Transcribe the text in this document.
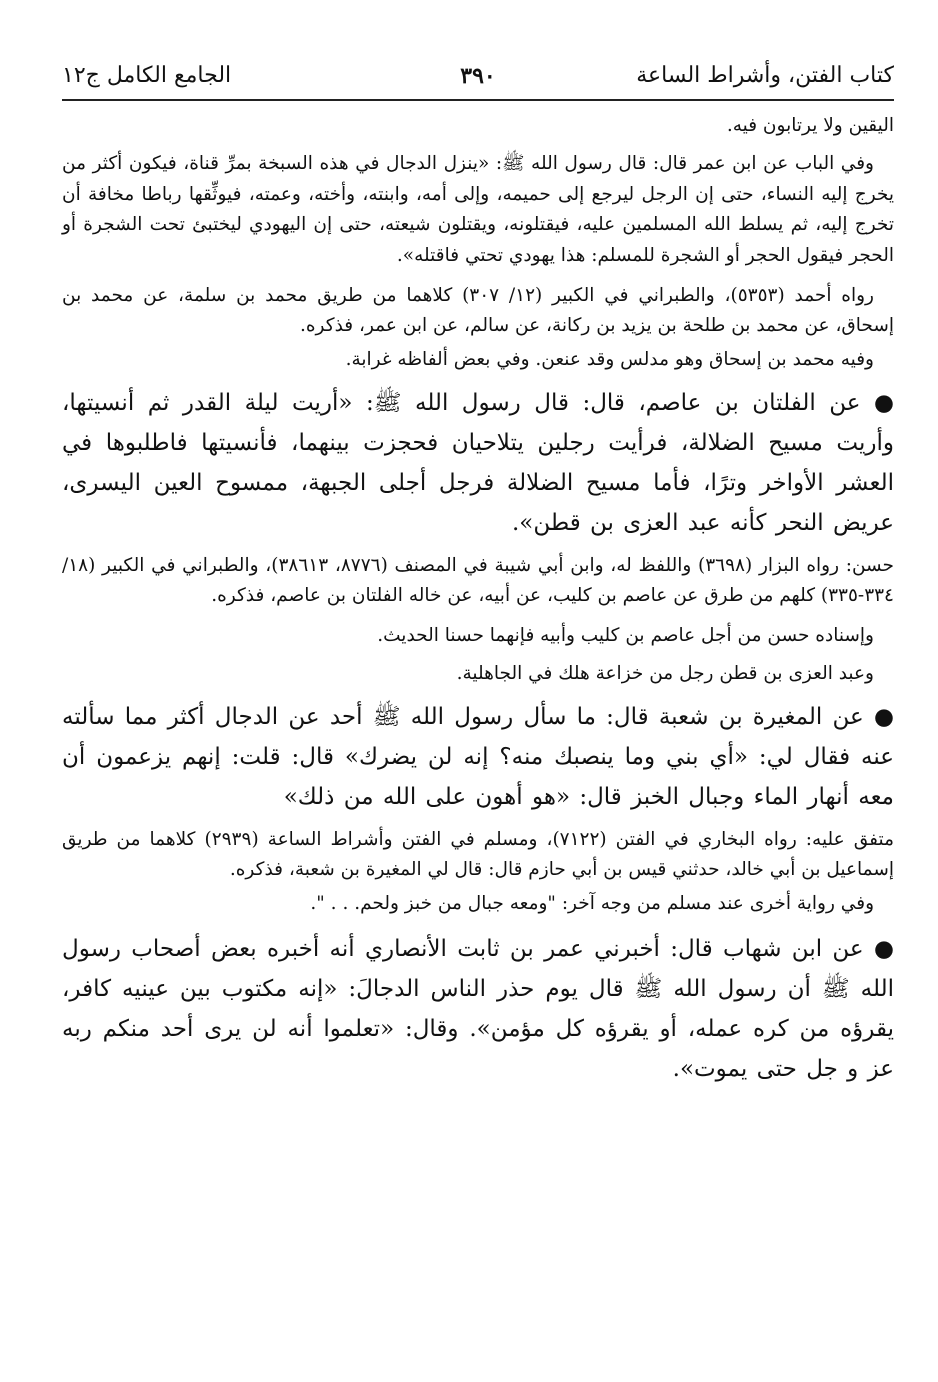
كتاب الفتن، وأشراط الساعة
٣٩٠
الجامع الكامل ج١٢

اليقين ولا يرتابون فيه.

وفي الباب عن ابن عمر قال: قال رسول الله ﷺ: «ينزل الدجال في هذه السبخة بمرِّ قناة، فيكون أكثر من يخرج إليه النساء، حتى إن الرجل ليرجع إلى حميمه، وإلى أمه، وابنته، وأخته، وعمته، فيوثِّقها رباطا مخافة أن تخرج إليه، ثم يسلط الله المسلمين عليه، فيقتلونه، ويقتلون شيعته، حتى إن اليهودي ليختبئ تحت الشجرة أو الحجر فيقول الحجر أو الشجرة للمسلم: هذا يهودي تحتي فاقتله».

رواه أحمد (٥٣٥٣)، والطبراني في الكبير (١٢/ ٣٠٧) كلاهما من طريق محمد بن سلمة، عن محمد بن إسحاق، عن محمد بن طلحة بن يزيد بن ركانة، عن سالم، عن ابن عمر، فذكره.

وفيه محمد بن إسحاق وهو مدلس وقد عنعن. وفي بعض ألفاظه غرابة.

● عن الفلتان بن عاصم، قال: قال رسول الله ﷺ: «أريت ليلة القدر ثم أنسيتها، وأريت مسيح الضلالة، فرأيت رجلين يتلاحيان فحجزت بينهما، فأنسيتها فاطلبوها في العشر الأواخر وترًا، فأما مسيح الضلالة فرجل أجلى الجبهة، ممسوح العين اليسرى، عريض النحر كأنه عبد العزى بن قطن».

حسن: رواه البزار (٣٦٩٨) واللفظ له، وابن أبي شيبة في المصنف (٨٧٧٦، ٣٨٦١٣)، والطبراني في الكبير (١٨/ ٣٣٤-٣٣٥) كلهم من طرق عن عاصم بن كليب، عن أبيه، عن خاله الفلتان بن عاصم، فذكره.

وإسناده حسن من أجل عاصم بن كليب وأبيه فإنهما حسنا الحديث.

وعبد العزى بن قطن رجل من خزاعة هلك في الجاهلية.

● عن المغيرة بن شعبة قال: ما سأل رسول الله ﷺ أحد عن الدجال أكثر مما سألته عنه فقال لي: «أي بني وما ينصبك منه؟ إنه لن يضرك» قال: قلت: إنهم يزعمون أن معه أنهار الماء وجبال الخبز قال: «هو أهون على الله من ذلك»

متفق عليه: رواه البخاري في الفتن (٧١٢٢)، ومسلم في الفتن وأشراط الساعة (٢٩٣٩) كلاهما من طريق إسماعيل بن أبي خالد، حدثني قيس بن أبي حازم قال: قال لي المغيرة بن شعبة، فذكره.

وفي رواية أخرى عند مسلم من وجه آخر: "ومعه جبال من خبز ولحم. . . ".

● عن ابن شهاب قال: أخبرني عمر بن ثابت الأنصاري أنه أخبره بعض أصحاب رسول الله ﷺ أن رسول الله ﷺ قال يوم حذر الناس الدجالَ: «إنه مكتوب بين عينيه كافر، يقرؤه من كره عمله، أو يقرؤه كل مؤمن». وقال: «تعلموا أنه لن يرى أحد منكم ربه عز و جل حتى يموت».
